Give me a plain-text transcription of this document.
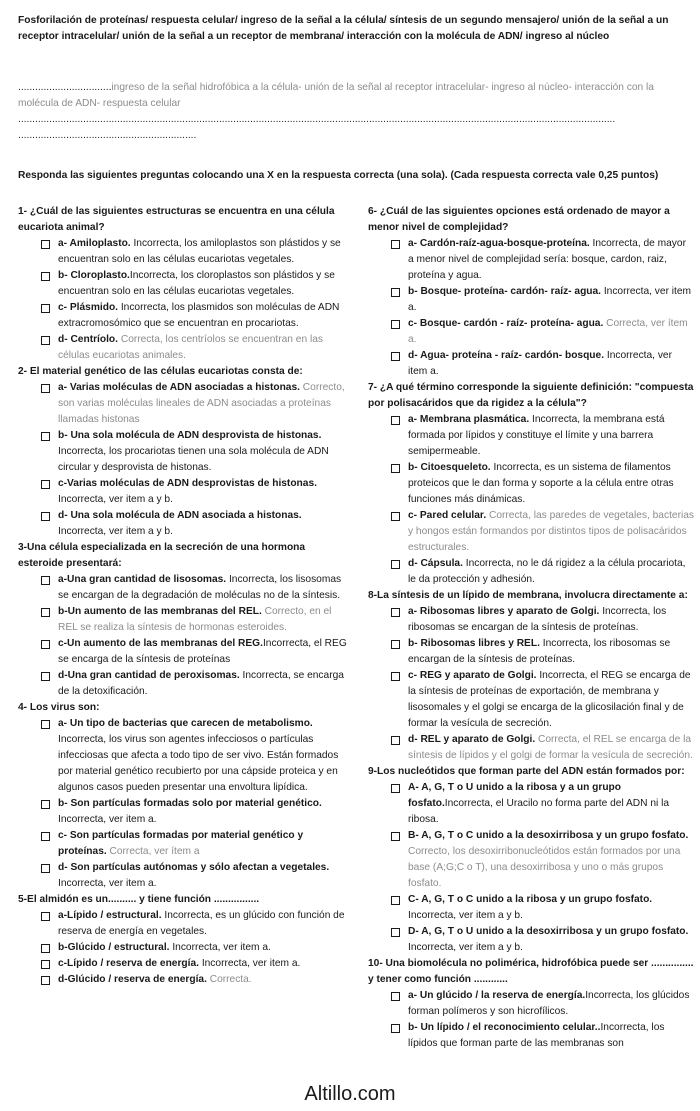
Fosforilación de proteínas/ respuesta celular/ ingreso de la señal a la célula/ síntesis de un segundo mensajero/ unión de la señal a un receptor intracelular/ unión de la señal a un receptor de membrana/ interacción con la molécula de ADN/ ingreso al núcleo
.................................ingreso de la señal hidrofóbica a la célula- unión de la señal al receptor intracelular- ingreso al núcleo- interacción con la molécula de ADN- respuesta celular
...................................................................................................................................................................................................................
...............................................................
Responda las siguientes preguntas colocando una X en la respuesta correcta (una sola). (Cada respuesta correcta vale 0,25 puntos)
1- ¿Cuál de las siguientes estructuras se encuentra en una célula eucariota animal?
a- Amiloplasto. Incorrecta, los amiloplastos son plástidos y se encuentran solo en las células eucariotas vegetales.
b- Cloroplasto.Incorrecta, los cloroplastos son plástidos y se encuentran solo en las células eucariotas vegetales.
c- Plásmido. Incorrecta, los plasmidos son moléculas de ADN extracromosómico que se encuentran en procariotas.
d- Centríolo. Correcta, los centríolos se encuentran en las células eucariotas animales.
2- El material genético de las células eucariotas consta de:
a- Varias moléculas de ADN asociadas a histonas. Correcto, son varias moléculas lineales de ADN asociadas a proteínas llamadas histonas
b- Una sola molécula de ADN desprovista de histonas. Incorrecta, los procariotas tienen una sola molécula de ADN circular y desprovista de histonas.
c-Varias moléculas de ADN desprovistas de histonas. Incorrecta, ver item a y b.
d- Una sola molécula de ADN asociada a histonas. Incorrecta, ver item a y b.
3-Una célula especializada en la secreción de una hormona esteroide presentará:
a-Una gran cantidad de lisosomas. Incorrecta, los lisosomas se encargan de la degradación de moléculas no de la síntesis.
b-Un aumento de las membranas del REL. Correcto, en el REL se realiza la síntesis de hormonas esteroides.
c-Un aumento de las membranas del REG.Incorrecta, el REG se encarga de la síntesis de proteínas
d-Una gran cantidad de peroxisomas. Incorrecta, se encarga de la detoxificación.
4- Los virus son:
a- Un tipo de bacterias que carecen de metabolismo. Incorrecta, los virus son agentes infecciosos o partículas infecciosas que afecta a todo tipo de ser vivo. Están formados por material genético recubierto por una cápside proteica y en algunos casos pueden presentar una envoltura lipídica.
b- Son partículas formadas solo por material genético. Incorrecta, ver item a.
c- Son partículas formadas por material genético y proteínas. Correcta, ver ítem a
d- Son partículas autónomas y sólo afectan a vegetales. Incorrecta, ver item a.
5-El almidón es un.......... y tiene función ................
a-Lípido / estructural. Incorrecta, es un glúcido con función de reserva de energía en vegetales.
b-Glúcido / estructural. Incorrecta, ver item a.
c-Lípido / reserva de energía. Incorrecta, ver item a.
d-Glúcido / reserva de energía. Correcta.
6- ¿Cuál de las siguientes opciones está ordenado de mayor a menor nivel de complejidad?
a- Cardón-raíz-agua-bosque-proteína. Incorrecta, de mayor a menor nivel de complejidad sería: bosque, cardon, raiz, proteína y agua.
b- Bosque- proteína- cardón- raíz- agua. Incorrecta, ver item a.
c- Bosque- cardón - raíz- proteína- agua. Correcta, ver ítem a.
d- Agua- proteína - raíz- cardón- bosque. Incorrecta, ver item a.
7- ¿A qué término corresponde la siguiente definición: "compuesta por polisacáridos que da rigidez a la célula"?
a- Membrana plasmática. Incorrecta, la membrana está formada por lípidos y constituye el límite y una barrera semipermeable.
b- Citoesqueleto. Incorrecta, es un sistema de filamentos proteicos que le dan forma y soporte a la célula entre otras funciones más dinámicas.
c- Pared celular. Correcta, las paredes de vegetales, bacterias y hongos están formandos por distintos tipos de polisacáridos estructurales.
d- Cápsula. Incorrecta, no le dá rigidez a la célula procariota, le da protección y adhesión.
8-La síntesis de un lípido de membrana, involucra directamente a:
a- Ribosomas libres y aparato de Golgi. Incorrecta, los ribosomas se encargan de la síntesis de proteínas.
b- Ribosomas libres y REL. Incorrecta, los ribosomas se encargan de la síntesis de proteínas.
c- REG y aparato de Golgi. Incorrecta, el REG se encarga de la síntesis de proteínas de exportación, de membrana y lisosomales y el golgi se encarga de la glicosilación final y de formar la vesícula de secreción.
d- REL y aparato de Golgi. Correcta, el REL se encarga de la síntesis de lípidos y el golgi de formar la vesícula de secreción.
9-Los nucleótidos que forman parte del ADN están formados por:
A- A, G, T o U unido a la ribosa y a un grupo fosfato.Incorrecta, el Uracilo no forma parte del ADN ni la ribosa.
B- A, G, T o C unido a la desoxirribosa y un grupo fosfato. Correcto, los desoxirribonucleótidos están formados por una base (A;G;C o T), una desoxirribosa y uno o más grupos fosfato.
C- A, G, T o C unido a la ribosa y un grupo fosfato. Incorrecta, ver item a y b.
D- A, G, T o U unido a la desoxirribosa y un grupo fosfato. Incorrecta, ver item a y b.
10- Una biomolécula no polimérica, hidrofóbica puede ser ............... y tener como función ............
a- Un glúcido / la reserva de energía.Incorrecta, los glúcidos forman polímeros y son hicrofílicos.
b- Un lípido / el reconocimiento celular..Incorrecta, los lípidos que forman parte de las membranas son
Altillo.com
